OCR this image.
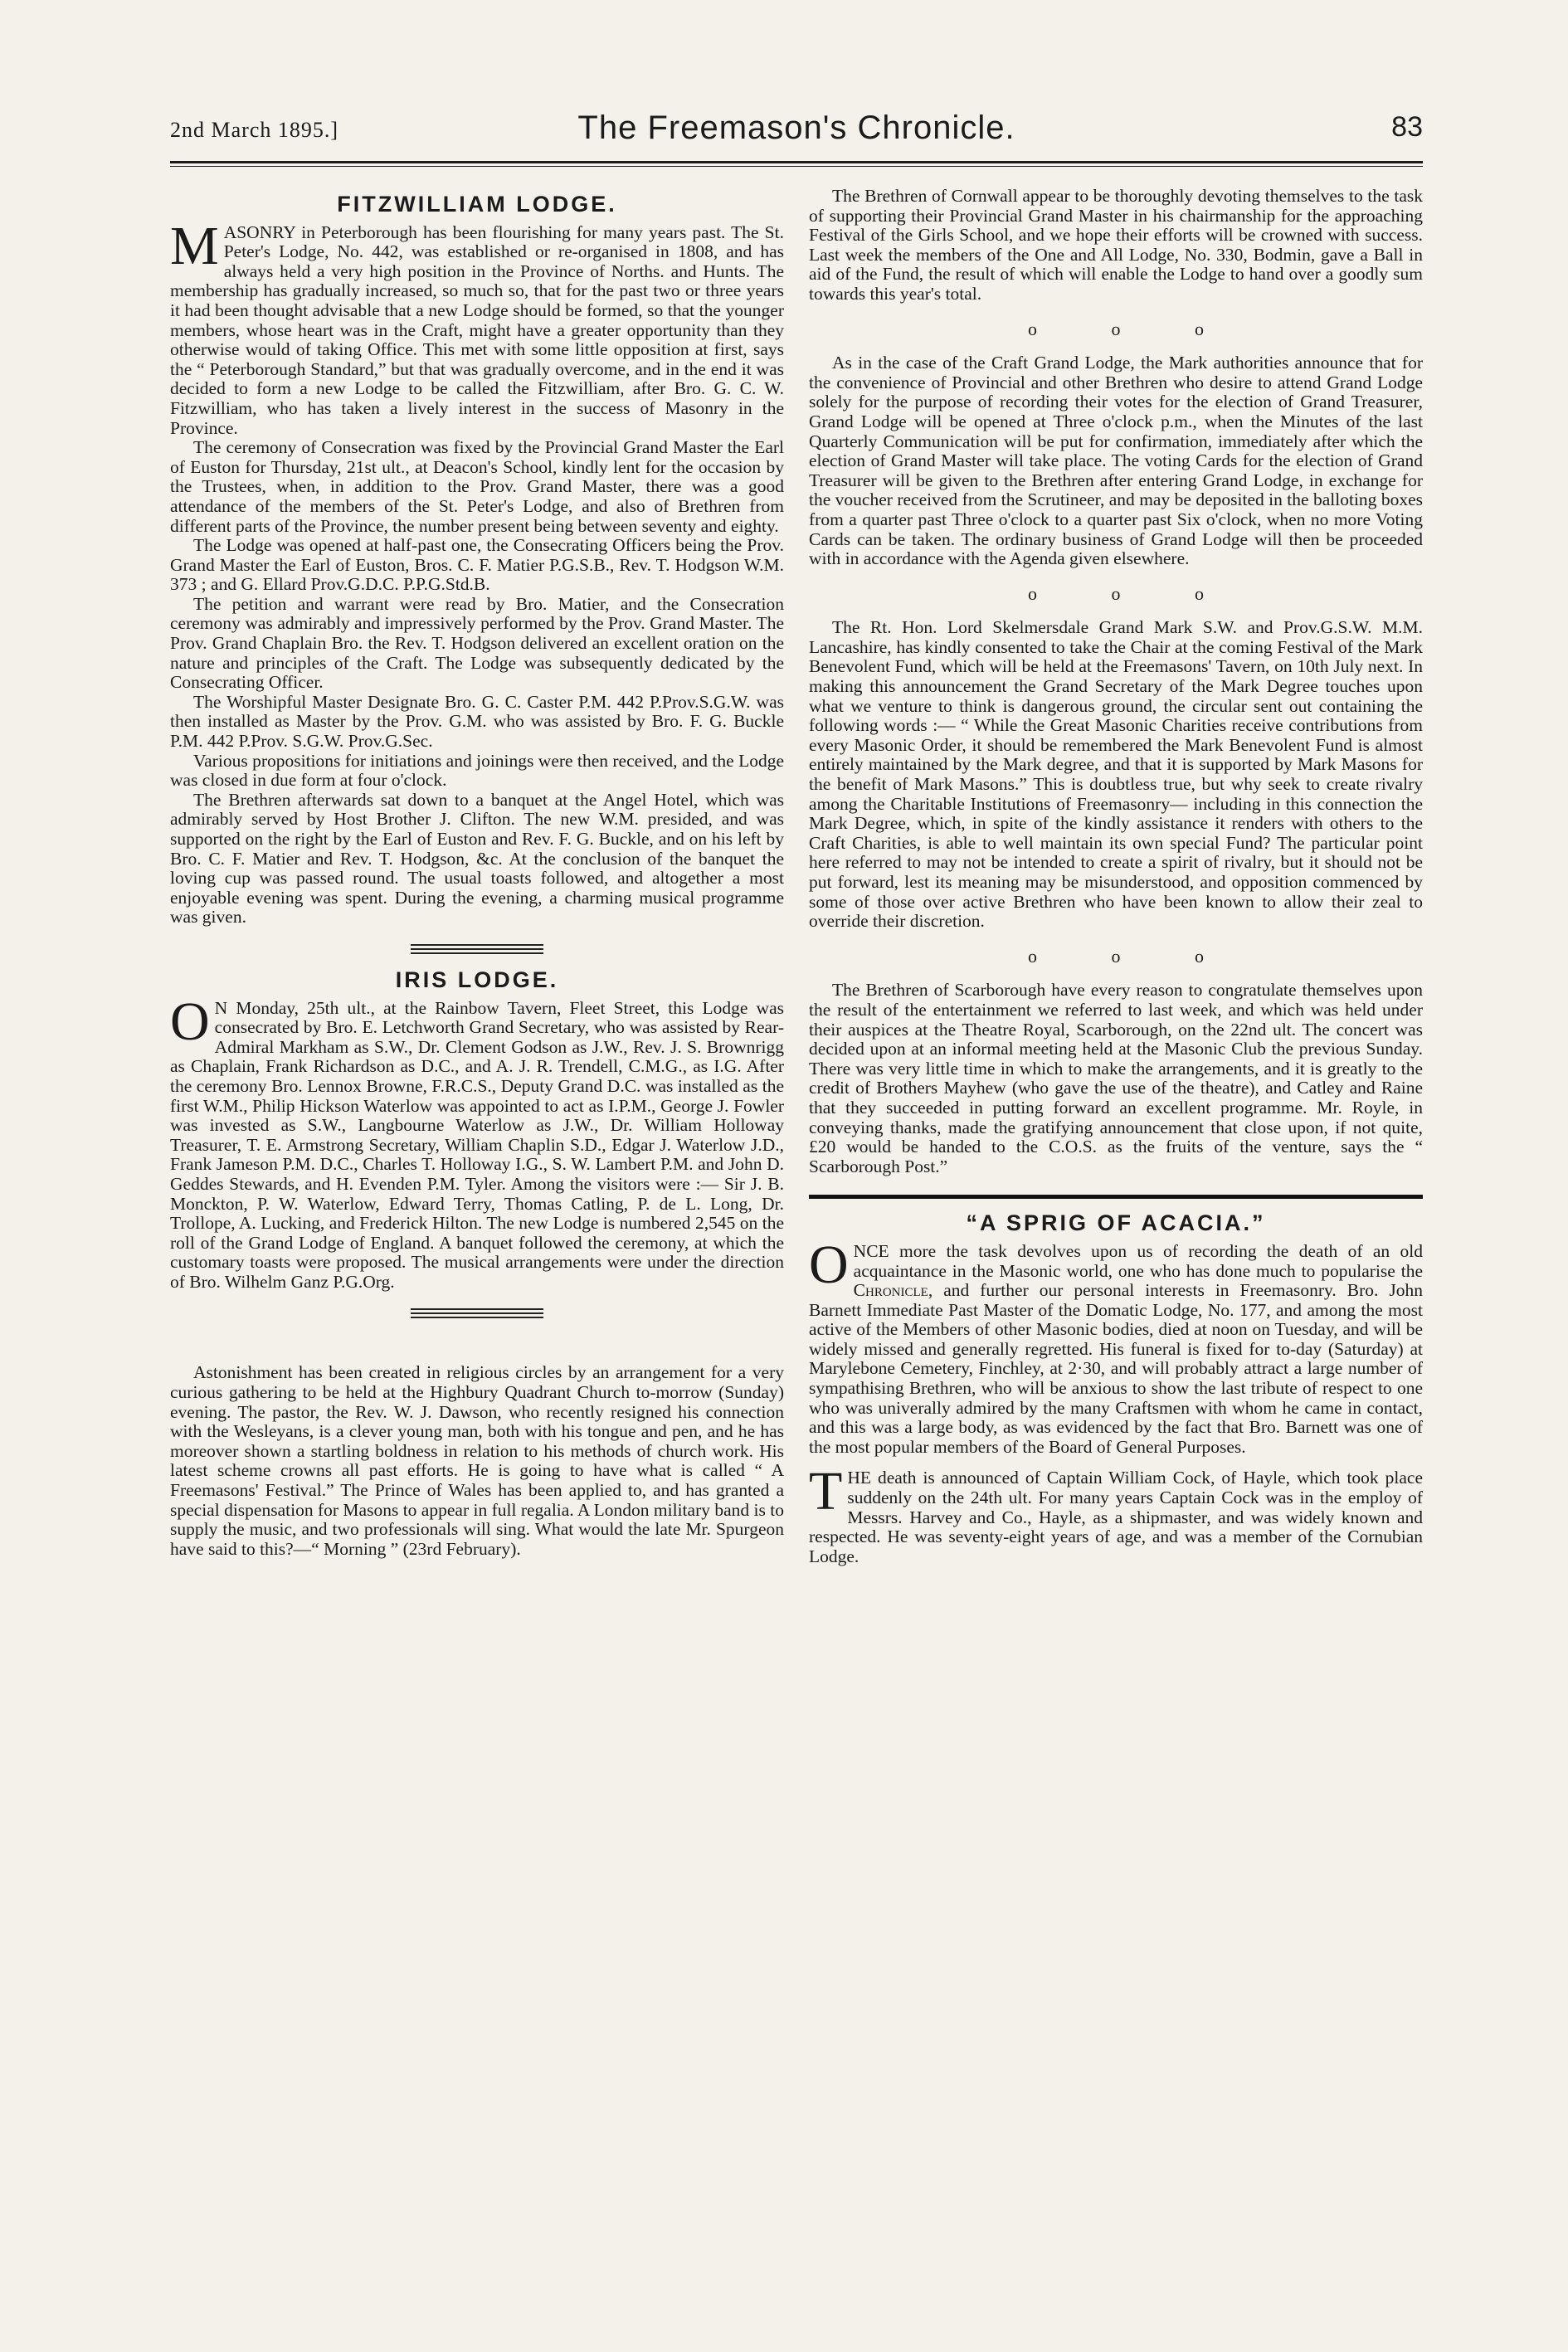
2nd March 1895.]	The Freemason's Chronicle.	83
FITZWILLIAM LODGE.

MASONRY in Peterborough has been flourishing for many years past. The St. Peter's Lodge, No. 442, was established or re-organised in 1808, and has always held a very high position in the Province of Norths. and Hunts. The membership has gradually increased, so much so, that for the past two or three years it had been thought advisable that a new Lodge should be formed, so that the younger members, whose heart was in the Craft, might have a greater opportunity than they otherwise would of taking Office. This met with some little opposition at first, says the “ Peterborough Standard,” but that was gradually overcome, and in the end it was decided to form a new Lodge to be called the Fitzwilliam, after Bro. G. C. W. Fitzwilliam, who has taken a lively interest in the success of Masonry in the Province.

The ceremony of Consecration was fixed by the Provincial Grand Master the Earl of Euston for Thursday, 21st ult., at Deacon's School, kindly lent for the occasion by the Trustees, when, in addition to the Prov. Grand Master, there was a good attendance of the members of the St. Peter's Lodge, and also of Brethren from different parts of the Province, the number present being between seventy and eighty.

The Lodge was opened at half-past one, the Consecrating Officers being the Prov. Grand Master the Earl of Euston, Bros. C. F. Matier P.G.S.B., Rev. T. Hodgson W.M. 373 ; and G. Ellard Prov.G.D.C. P.P.G.Std.B.

The petition and warrant were read by Bro. Matier, and the Consecration ceremony was admirably and impressively performed by the Prov. Grand Master. The Prov. Grand Chaplain Bro. the Rev. T. Hodgson delivered an excellent oration on the nature and principles of the Craft. The Lodge was subsequently dedicated by the Consecrating Officer.

The Worshipful Master Designate Bro. G. C. Caster P.M. 442 P.Prov.S.G.W. was then installed as Master by the Prov. G.M. who was assisted by Bro. F. G. Buckle P.M. 442 P.Prov. S.G.W. Prov.G.Sec.

Various propositions for initiations and joinings were then received, and the Lodge was closed in due form at four o'clock.

The Brethren afterwards sat down to a banquet at the Angel Hotel, which was admirably served by Host Brother J. Clifton. The new W.M. presided, and was supported on the right by the Earl of Euston and Rev. F. G. Buckle, and on his left by Bro. C. F. Matier and Rev. T. Hodgson, &c. At the conclusion of the banquet the loving cup was passed round. The usual toasts followed, and altogether a most enjoyable evening was spent. During the evening, a charming musical programme was given.

IRIS LODGE.

O N Monday, 25th ult., at the Rainbow Tavern, Fleet Street, this Lodge was consecrated by Bro. E. Letchworth Grand Secretary, who was assisted by Rear-Admiral Markham as S.W., Dr. Clement Godson as J.W., Rev. J. S. Brownrigg as Chaplain, Frank Richardson as D.C., and A. J. R. Trendell, C.M.G., as I.G. After the ceremony Bro. Lennox Browne, F.R.C.S., Deputy Grand D.C. was installed as the first W.M., Philip Hickson Waterlow was appointed to act as I.P.M., George J. Fowler was invested as S.W., Langbourne Waterlow as J.W., Dr. William Holloway Treasurer, T. E. Armstrong Secretary, William Chaplin S.D., Edgar J. Waterlow J.D., Frank Jameson P.M. D.C., Charles T. Holloway I.G., S. W. Lambert P.M. and John D. Geddes Stewards, and H. Evenden P.M. Tyler. Among the visitors were :— Sir J. B. Monckton, P. W. Waterlow, Edward Terry, Thomas Catling, P. de L. Long, Dr. Trollope, A. Lucking, and Frederick Hilton. The new Lodge is numbered 2,545 on the roll of the Grand Lodge of England. A banquet followed the ceremony, at which the customary toasts were proposed. The musical arrangements were under the direction of Bro. Wilhelm Ganz P.G.Org.

Astonishment has been created in religious circles by an arrangement for a very curious gathering to be held at the Highbury Quadrant Church to-morrow (Sunday) evening. The pastor, the Rev. W. J. Dawson, who recently resigned his connection with the Wesleyans, is a clever young man, both with his tongue and pen, and he has moreover shown a startling boldness in relation to his methods of church work. His latest scheme crowns all past efforts. He is going to have what is called “ A Freemasons' Festival.” The Prince of Wales has been applied to, and has granted a special dispensation for Masons to appear in full regalia. A London military band is to supply the music, and two professionals will sing. What would the late Mr. Spurgeon have said to this?—“ Morning ” (23rd February).

The Brethren of Cornwall appear to be thoroughly devoting themselves to the task of supporting their Provincial Grand Master in his chairmanship for the approaching Festival of the Girls School, and we hope their efforts will be crowned with success. Last week the members of the One and All Lodge, No. 330, Bodmin, gave a Ball in aid of the Fund, the result of which will enable the Lodge to hand over a goodly sum towards this year's total.

o o o

As in the case of the Craft Grand Lodge, the Mark authorities announce that for the convenience of Provincial and other Brethren who desire to attend Grand Lodge solely for the purpose of recording their votes for the election of Grand Treasurer, Grand Lodge will be opened at Three o'clock p.m., when the Minutes of the last Quarterly Communication will be put for confirmation, immediately after which the election of Grand Master will take place. The voting Cards for the election of Grand Treasurer will be given to the Brethren after entering Grand Lodge, in exchange for the voucher received from the Scrutineer, and may be deposited in the balloting boxes from a quarter past Three o'clock to a quarter past Six o'clock, when no more Voting Cards can be taken. The ordinary business of Grand Lodge will then be proceeded with in accordance with the Agenda given elsewhere.

o o o

The Rt. Hon. Lord Skelmersdale Grand Mark S.W. and Prov.G.S.W. M.M. Lancashire, has kindly consented to take the Chair at the coming Festival of the Mark Benevolent Fund, which will be held at the Freemasons' Tavern, on 10th July next. In making this announcement the Grand Secretary of the Mark Degree touches upon what we venture to think is dangerous ground, the circular sent out containing the following words :— “ While the Great Masonic Charities receive contributions from every Masonic Order, it should be remembered the Mark Benevolent Fund is almost entirely maintained by the Mark degree, and that it is supported by Mark Masons for the benefit of Mark Masons.” This is doubtless true, but why seek to create rivalry among the Charitable Institutions of Freemasonry— including in this connection the Mark Degree, which, in spite of the kindly assistance it renders with others to the Craft Charities, is able to well maintain its own special Fund? The particular point here referred to may not be intended to create a spirit of rivalry, but it should not be put forward, lest its meaning may be misunderstood, and opposition commenced by some of those over active Brethren who have been known to allow their zeal to override their discretion.

o o o

The Brethren of Scarborough have every reason to congratulate themselves upon the result of the entertainment we referred to last week, and which was held under their auspices at the Theatre Royal, Scarborough, on the 22nd ult. The concert was decided upon at an informal meeting held at the Masonic Club the previous Sunday. There was very little time in which to make the arrangements, and it is greatly to the credit of Brothers Mayhew (who gave the use of the theatre), and Catley and Raine that they succeeded in putting forward an excellent programme. Mr. Royle, in conveying thanks, made the gratifying announcement that close upon, if not quite, £20 would be handed to the C.O.S. as the fruits of the venture, says the “ Scarborough Post.”

“A SPRIG OF ACACIA.”

ONCE more the task devolves upon us of recording the death of an old acquaintance in the Masonic world, one who has done much to popularise the Chronicle, and further our personal interests in Freemasonry. Bro. John Barnett Immediate Past Master of the Domatic Lodge, No. 177, and among the most active of the Members of other Masonic bodies, died at noon on Tuesday, and will be widely missed and generally regretted. His funeral is fixed for to-day (Saturday) at Marylebone Cemetery, Finchley, at 2·30, and will probably attract a large number of sympathising Brethren, who will be anxious to show the last tribute of respect to one who was univerally admired by the many Craftsmen with whom he came in contact, and this was a large body, as was evidenced by the fact that Bro. Barnett was one of the most popular members of the Board of General Purposes.

THE death is announced of Captain William Cock, of Hayle, which took place suddenly on the 24th ult. For many years Captain Cock was in the employ of Messrs. Harvey and Co., Hayle, as a shipmaster, and was widely known and respected. He was seventy-eight years of age, and was a member of the Cornubian Lodge.
